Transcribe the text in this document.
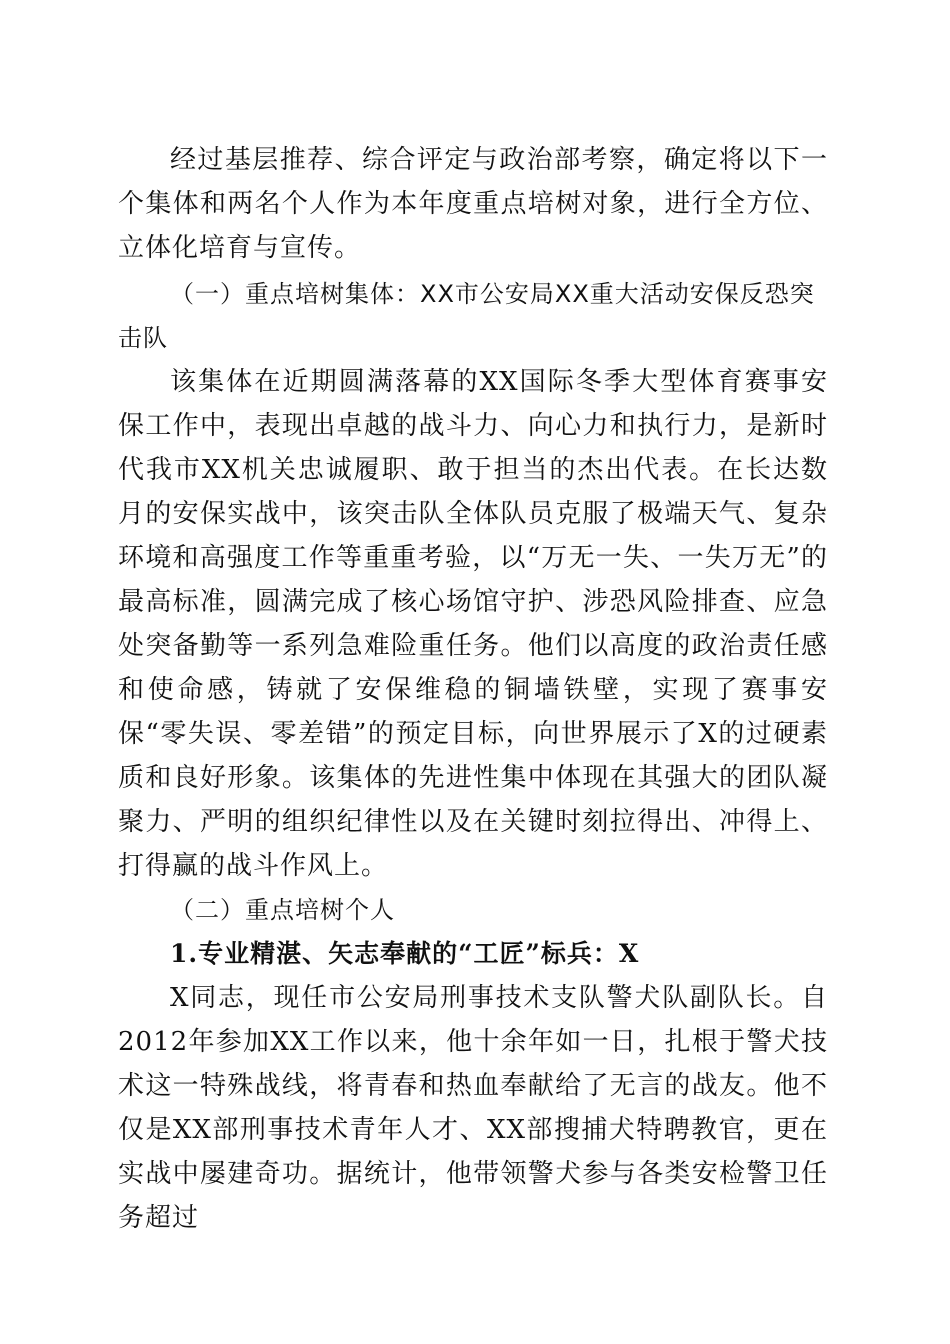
经过基层推荐、综合评定与政治部考察，确定将以下一个集体和两名个人作为本年度重点培树对象，进行全方位、立体化培育与宣传。

（一）重点培树集体：XX市公安局XX重大活动安保反恐突击队

该集体在近期圆满落幕的XX国际冬季大型体育赛事安保工作中，表现出卓越的战斗力、向心力和执行力，是新时代我市XX机关忠诚履职、敢于担当的杰出代表。在长达数月的安保实战中，该突击队全体队员克服了极端天气、复杂环境和高强度工作等重重考验，以“万无一失、一失万无”的最高标准，圆满完成了核心场馆守护、涉恐风险排查、应急处突备勤等一系列急难险重任务。他们以高度的政治责任感和使命感，铸就了安保维稳的铜墙铁壁，实现了赛事安保“零失误、零差错”的预定目标，向世界展示了X的过硬素质和良好形象。该集体的先进性集中体现在其强大的团队凝聚力、严明的组织纪律性以及在关键时刻拉得出、冲得上、打得赢的战斗作风上。

（二）重点培树个人

1.专业精湛、矢志奉献的“工匠”标兵：X

X同志，现任市公安局刑事技术支队警犬队副队长。自2012年参加XX工作以来，他十余年如一日，扎根于警犬技术这一特殊战线，将青春和热血奉献给了无言的战友。他不仅是XX部刑事技术青年人才、XX部搜捕犬特聘教官，更在实战中屡建奇功。据统计，他带领警犬参与各类安检警卫任务超过
